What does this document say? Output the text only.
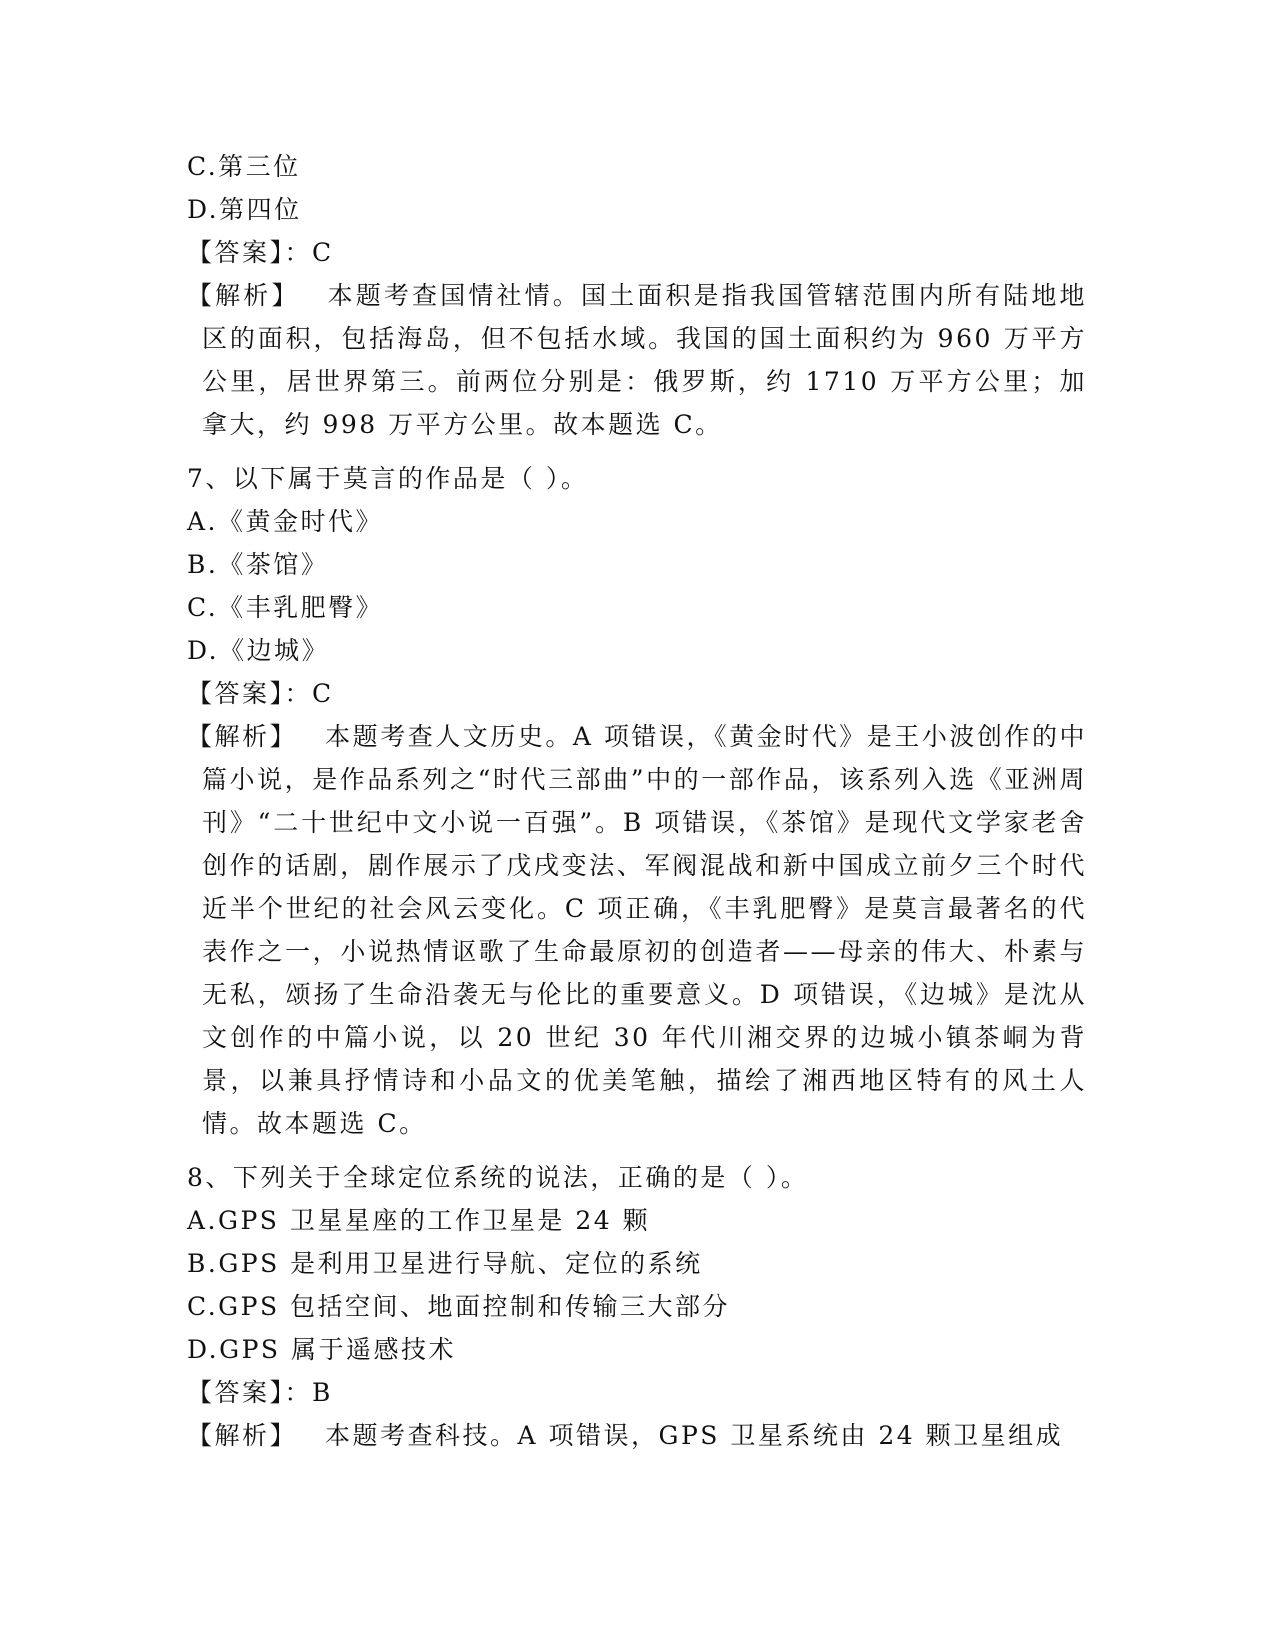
C.第三位
D.第四位
【答案】：C
【解析】 本题考查国情社情。国土面积是指我国管辖范围内所有陆地地区的面积，包括海岛，但不包括水域。我国的国土面积约为 960 万平方公里，居世界第三。前两位分别是：俄罗斯，约 1710 万平方公里；加拿大，约 998 万平方公里。故本题选 C。
7、以下属于莫言的作品是（ ）。
A.《黄金时代》
B.《茶馆》
C.《丰乳肥臀》
D.《边城》
【答案】：C
【解析】 本题考查人文历史。A 项错误，《黄金时代》是王小波创作的中篇小说，是作品系列之“时代三部曲”中的一部作品，该系列入选《亚洲周刊》“二十世纪中文小说一百强”。B 项错误，《茶馆》是现代文学家老舍创作的话剧，剧作展示了戊戌变法、军阀混战和新中国成立前夕三个时代近半个世纪的社会风云变化。C 项正确，《丰乳肥臀》是莫言最著名的代表作之一，小说热情讴歌了生命最原初的创造者——母亲的伟大、朴素与无私，颂扬了生命沿袭无与伦比的重要意义。D 项错误，《边城》是沈从文创作的中篇小说，以 20 世纪 30 年代川湘交界的边城小镇茶峒为背景，以兼具抒情诗和小品文的优美笔触，描绘了湘西地区特有的风土人情。故本题选 C。
8、下列关于全球定位系统的说法，正确的是（ ）。
A.GPS 卫星星座的工作卫星是 24 颗
B.GPS 是利用卫星进行导航、定位的系统
C.GPS 包括空间、地面控制和传输三大部分
D.GPS 属于遥感技术
【答案】：B
【解析】 本题考查科技。A 项错误，GPS 卫星系统由 24 颗卫星组成
